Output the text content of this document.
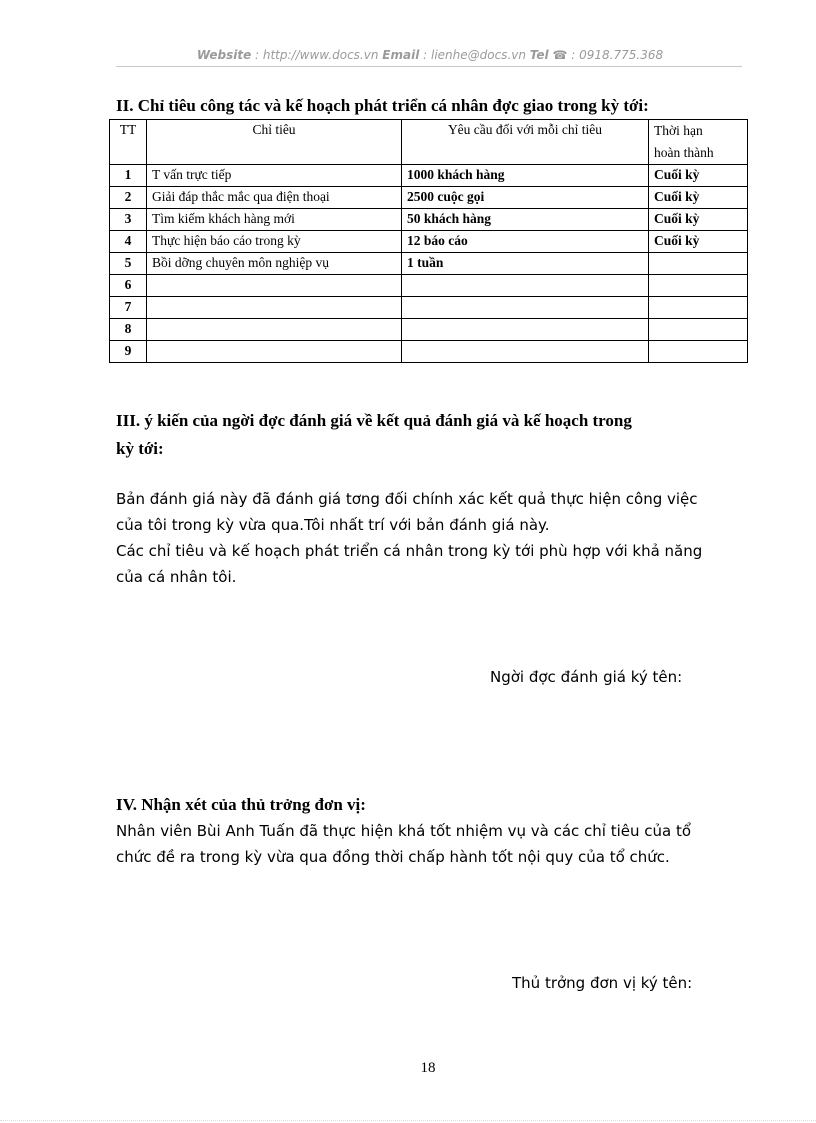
Website : http://www.docs.vn Email : lienhe@docs.vn Tel ☎ : 0918.775.368
II. Chỉ tiêu công tác và kế hoạch phát triển cá nhân đợc giao trong kỳ tới:
TT	Chỉ tiêu	Yêu cầu đối với mỗi chỉ tiêu	Thời hạn
hoàn thành
1	T vấn trực tiếp	1000 khách hàng	Cuối kỳ
2	Giải đáp thắc mắc qua điện thoại	2500 cuộc gọi	Cuối kỳ
3	Tìm kiếm khách hàng mới	50 khách hàng	Cuối kỳ
4	Thực hiện báo cáo trong kỳ	12 báo cáo	Cuối kỳ
5	Bồi dỡng chuyên môn nghiệp vụ	1 tuần	
6			
7			
8			
9			
III. ý kiến của ngời đợc đánh giá về kết quả đánh giá và kế hoạch trong
kỳ tới:
Bản đánh giá này đã đánh giá tơng đối chính xác kết quả thực hiện công việc
của tôi trong kỳ vừa qua.Tôi nhất trí với bản đánh giá này.
Các chỉ tiêu và kế hoạch phát triển cá nhân trong kỳ tới phù hợp với khả năng
của cá nhân tôi.
Ngời đợc đánh giá ký tên:
IV. Nhận xét của thủ trởng đơn vị:
Nhân viên Bùi Anh Tuấn đã thực hiện khá tốt nhiệm vụ và các chỉ tiêu của tổ
chức đề ra trong kỳ vừa qua đồng thời chấp hành tốt nội quy của tổ chức.
Thủ trởng đơn vị ký tên:
18
